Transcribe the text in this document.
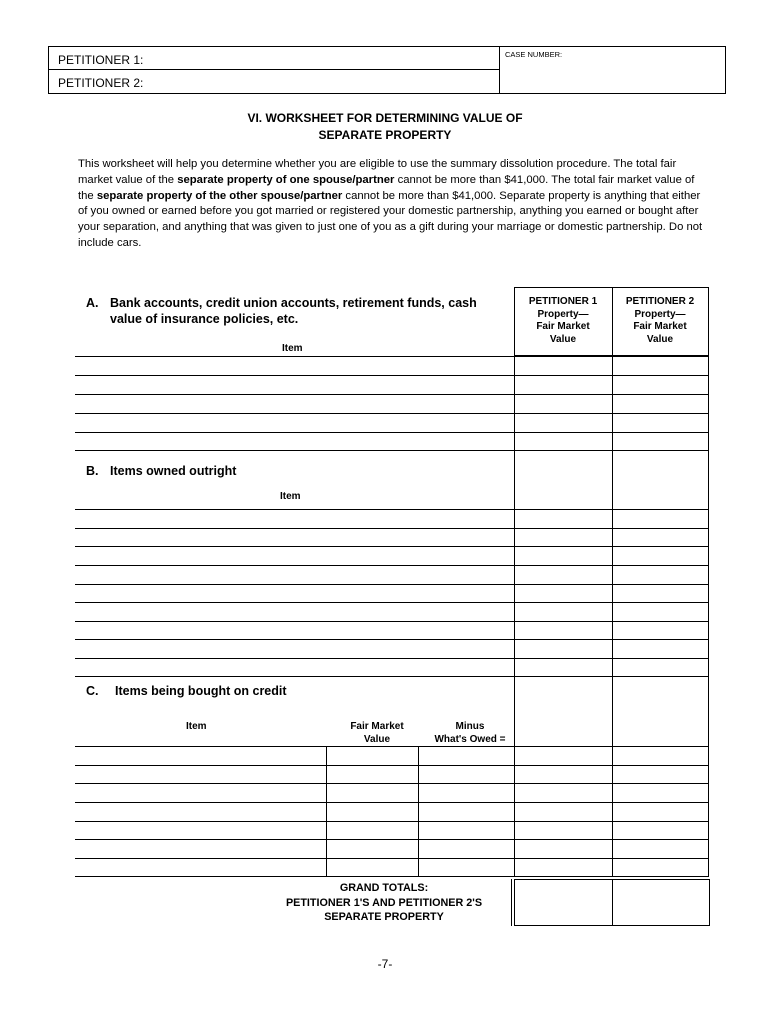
PETITIONER 1:
PETITIONER 2:
CASE NUMBER:
VI. WORKSHEET FOR DETERMINING VALUE OF
SEPARATE PROPERTY
This worksheet will help you determine whether you are eligible to use the summary dissolution procedure. The total fair market value of the separate property of one spouse/partner cannot be more than $41,000. The total fair market value of the separate property of the other spouse/partner cannot be more than $41,000. Separate property is anything that either of you owned or earned before you got married or registered your domestic partnership, anything you earned or bought after your separation, and anything that was given to just one of you as a gift during your marriage or domestic partnership. Do not include cars.
PETITIONER 1
Property—
Fair Market
Value
PETITIONER 2
Property—
Fair Market
Value
A. Bank accounts, credit union accounts, retirement funds, cash
value of insurance policies, etc.
Item
B. Items owned outright
Item
C. Items being bought on credit
Item	Fair Market
Value
Minus
What's Owed =
GRAND TOTALS:
PETITIONER 1'S AND PETITIONER 2'S
SEPARATE PROPERTY
-7-
